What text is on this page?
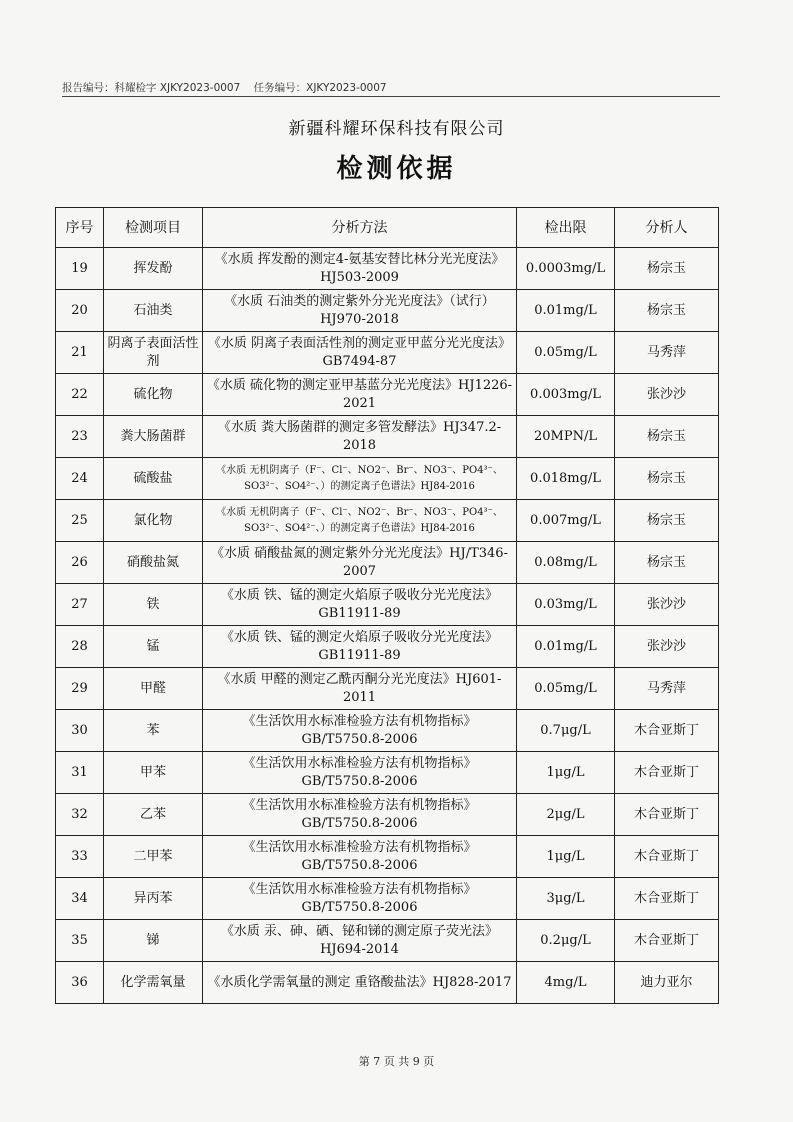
报告编号：科耀检字 XJKY2023-0007 任务编号：XJKY2023-0007
新疆科耀环保科技有限公司
检测依据
序号	检测项目	分析方法	检出限	分析人
19	挥发酚	《水质 挥发酚的测定4-氨基安替比林分光光度法》HJ503-2009	0.0003mg/L	杨宗玉
20	石油类	《水质 石油类的测定紫外分光光度法》（试行）HJ970-2018	0.01mg/L	杨宗玉
21	阴离子表面活性剂	《水质 阴离子表面活性剂的测定亚甲蓝分光光度法》GB7494-87	0.05mg/L	马秀萍
22	硫化物	《水质 硫化物的测定亚甲基蓝分光光度法》HJ1226-2021	0.003mg/L	张沙沙
23	粪大肠菌群	《水质 粪大肠菌群的测定多管发酵法》HJ347.2-2018	20MPN/L	杨宗玉
24	硫酸盐	《水质 无机阴离子（F⁻、Cl⁻、NO2⁻、Br⁻、NO3⁻、PO4³⁻、SO3²⁻、SO4²⁻、）的测定离子色谱法》HJ84-2016	0.018mg/L	杨宗玉
25	氯化物	《水质 无机阴离子（F⁻、Cl⁻、NO2⁻、Br⁻、NO3⁻、PO4³⁻、SO3²⁻、SO4²⁻、）的测定离子色谱法》HJ84-2016	0.007mg/L	杨宗玉
26	硝酸盐氮	《水质 硝酸盐氮的测定紫外分光光度法》HJ/T346-2007	0.08mg/L	杨宗玉
27	铁	《水质 铁、锰的测定火焰原子吸收分光光度法》GB11911-89	0.03mg/L	张沙沙
28	锰	《水质 铁、锰的测定火焰原子吸收分光光度法》GB11911-89	0.01mg/L	张沙沙
29	甲醛	《水质 甲醛的测定乙酰丙酮分光光度法》HJ601-2011	0.05mg/L	马秀萍
30	苯	《生活饮用水标准检验方法有机物指标》GB/T5750.8-2006	0.7μg/L	木合亚斯丁
31	甲苯	《生活饮用水标准检验方法有机物指标》GB/T5750.8-2006	1μg/L	木合亚斯丁
32	乙苯	《生活饮用水标准检验方法有机物指标》GB/T5750.8-2006	2μg/L	木合亚斯丁
33	二甲苯	《生活饮用水标准检验方法有机物指标》GB/T5750.8-2006	1μg/L	木合亚斯丁
34	异丙苯	《生活饮用水标准检验方法有机物指标》GB/T5750.8-2006	3μg/L	木合亚斯丁
35	锑	《水质 汞、砷、硒、铋和锑的测定原子荧光法》HJ694-2014	0.2μg/L	木合亚斯丁
36	化学需氧量	《水质化学需氧量的测定 重铬酸盐法》HJ828-2017	4mg/L	迪力亚尔
第 7 页 共 9 页
